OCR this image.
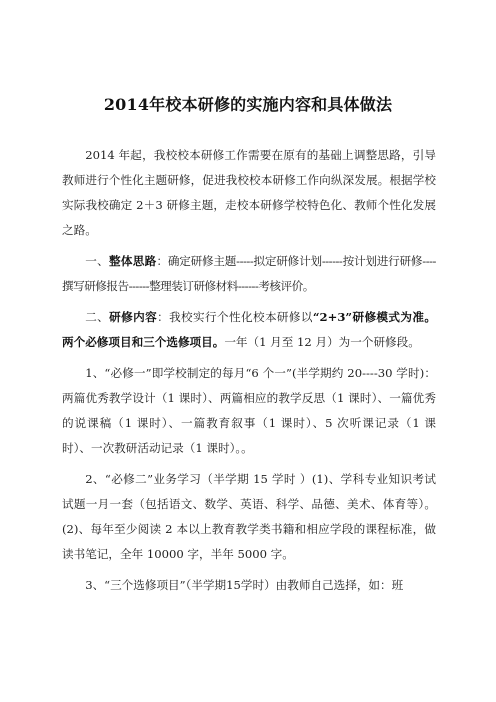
2014年校本研修的实施内容和具体做法

2014 年起，我校校本研修工作需要在原有的基础上调整思路，引导教师进行个性化主题研修，促进我校校本研修工作向纵深发展。根据学校实际我校确定 2＋3 研修主题，走校本研修学校特色化、教师个性化发展之路。

一、整体思路：确定研修主题-----拟定研修计划------按计划进行研修----撰写研修报告------整理装订研修材料------考核评价。

二、研修内容：我校实行个性化校本研修以“2+3”研修模式为准。两个必修项目和三个选修项目。一年（1 月至 12 月）为一个研修段。

1、“必修一”即学校制定的每月“6 个一”(半学期约 20----30 学时)：两篇优秀教学设计（1 课时）、两篇相应的教学反思（1 课时）、一篇优秀的说课稿（1 课时）、一篇教育叙事（1 课时）、5 次听课记录（1 课时）、一次教研活动记录（1 课时）。。

2、“必修二”业务学习（半学期 15 学时 ）(1)、学科专业知识考试试题一月一套（包括语文、数学、英语、科学、品德、美术、体育等）。(2)、每年至少阅读 2 本以上教育教学类书籍和相应学段的课程标准，做读书笔记，全年 10000 字，半年 5000 字。

3、“三个选修项目”（半学期15学时）由教师自己选择，如：班
